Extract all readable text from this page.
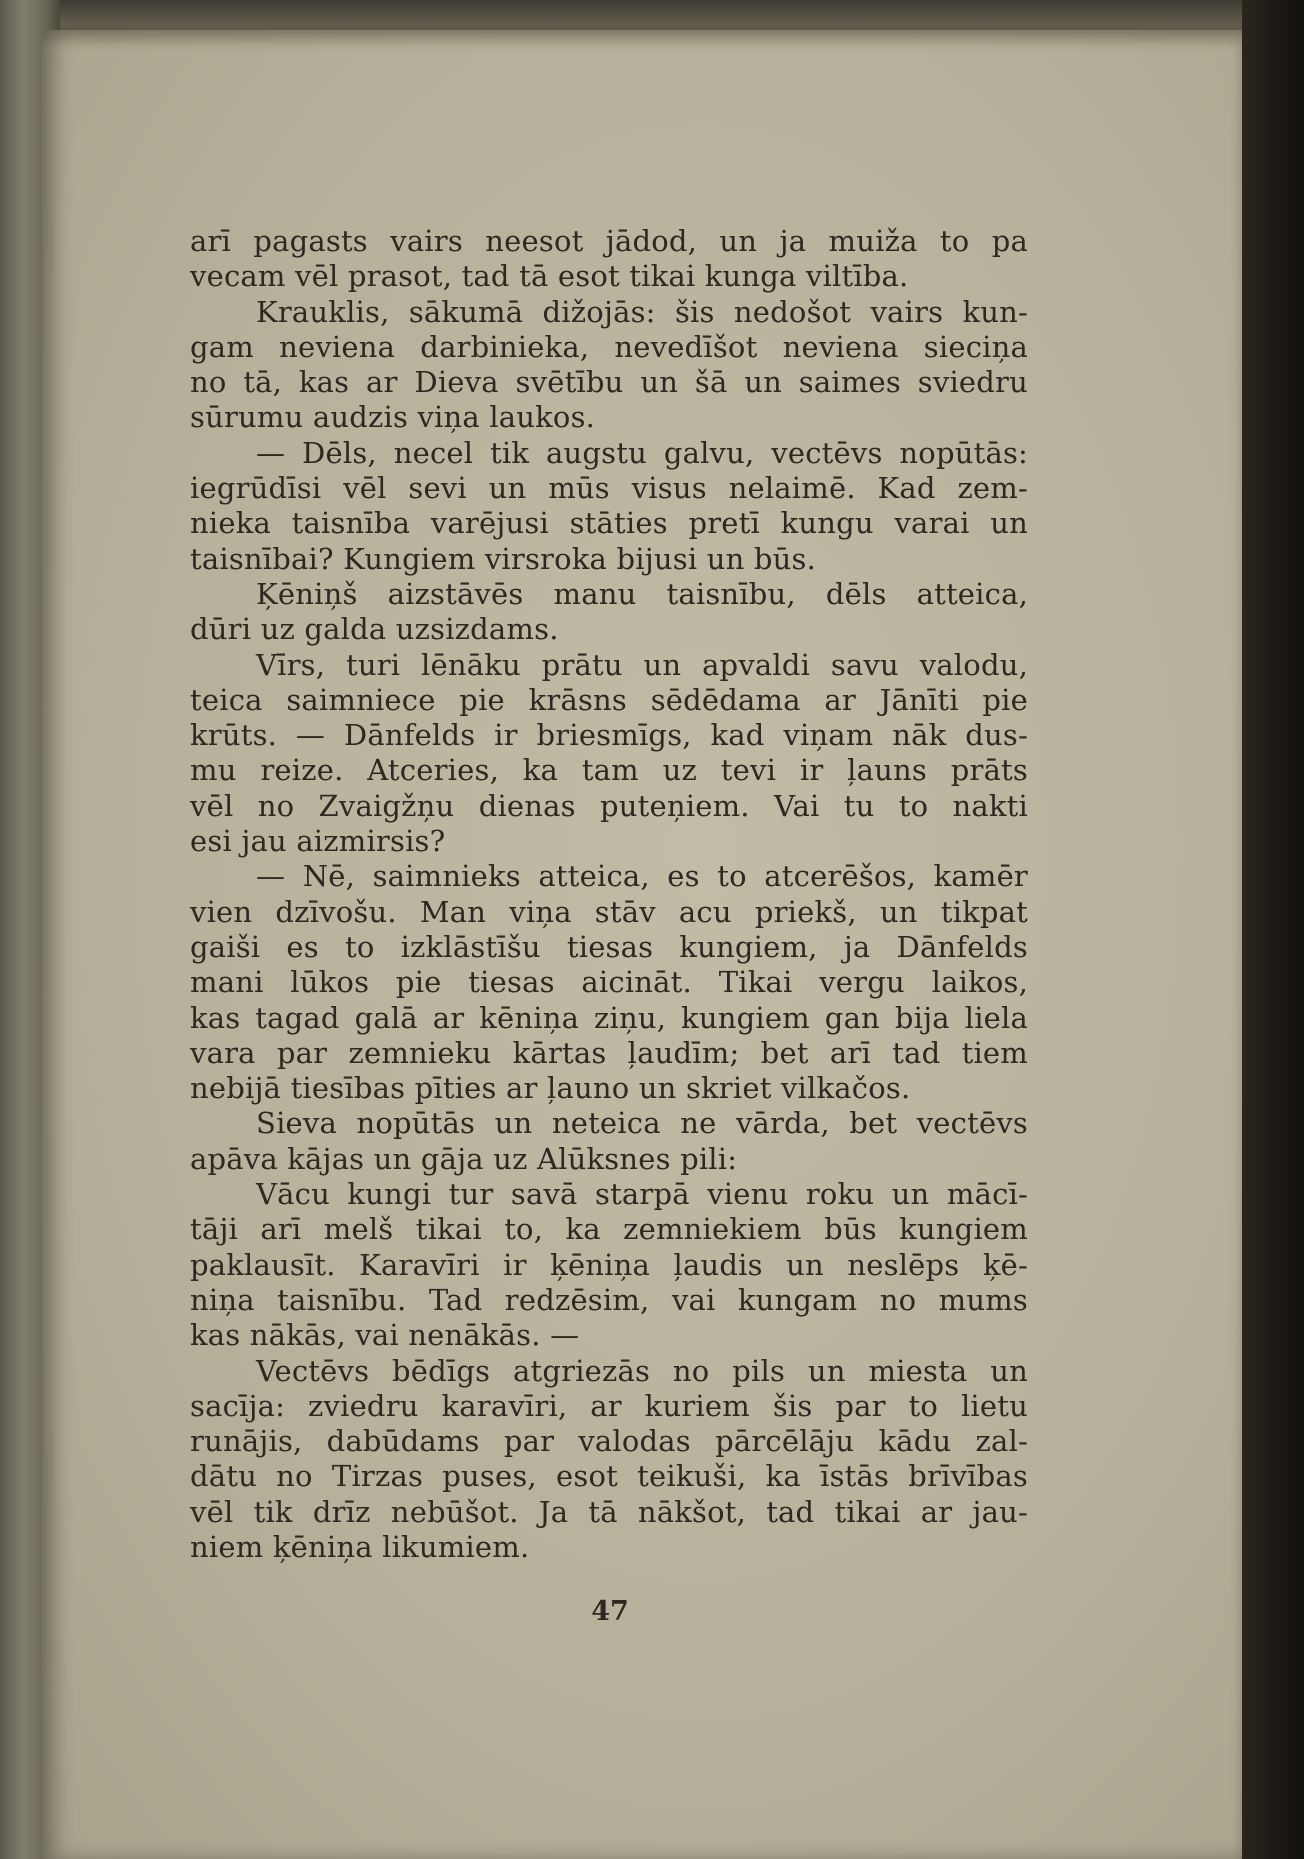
arī pagasts vairs neesot jādod, un ja muiža to pa
vecam vēl prasot, tad tā esot tikai kunga viltība.
Krauklis, sākumā dižojās: šis nedošot vairs kun-
gam neviena darbinieka, nevedīšot neviena sieciņa
no tā, kas ar Dieva svētību un šā un saimes sviedru
sūrumu audzis viņa laukos.
— Dēls, necel tik augstu galvu, vectēvs nopūtās:
iegrūdīsi vēl sevi un mūs visus nelaimē. Kad zem-
nieka taisnība varējusi stāties pretī kungu varai un
taisnībai? Kungiem virsroka bijusi un būs.
Ķēniņš aizstāvēs manu taisnību, dēls atteica,
dūri uz galda uzsizdams.
Vīrs, turi lēnāku prātu un apvaldi savu valodu,
teica saimniece pie krāsns sēdēdama ar Jānīti pie
krūts. — Dānfelds ir briesmīgs, kad viņam nāk dus-
mu reize. Atceries, ka tam uz tevi ir ļauns prāts
vēl no Zvaigžņu dienas puteņiem. Vai tu to nakti
esi jau aizmirsis?
— Nē, saimnieks atteica, es to atcerēšos, kamēr
vien dzīvošu. Man viņa stāv acu priekš, un tikpat
gaiši es to izklāstīšu tiesas kungiem, ja Dānfelds
mani lūkos pie tiesas aicināt. Tikai vergu laikos,
kas tagad galā ar kēniņa ziņu, kungiem gan bija liela
vara par zemnieku kārtas ļaudīm; bet arī tad tiem
nebijā tiesības pīties ar ļauno un skriet vilkačos.
Sieva nopūtās un neteica ne vārda, bet vectēvs
apāva kājas un gāja uz Alūksnes pili:
Vācu kungi tur savā starpā vienu roku un mācī-
tāji arī melš tikai to, ka zemniekiem būs kungiem
paklausīt. Karavīri ir ķēniņa ļaudis un neslēps ķē-
niņa taisnību. Tad redzēsim, vai kungam no mums
kas nākās, vai nenākās. —
Vectēvs bēdīgs atgriezās no pils un miesta un
sacīja: zviedru karavīri, ar kuriem šis par to lietu
runājis, dabūdams par valodas pārcēlāju kādu zal-
dātu no Tirzas puses, esot teikuši, ka īstās brīvības
vēl tik drīz nebūšot. Ja tā nākšot, tad tikai ar jau-
niem ķēniņa likumiem.
47
